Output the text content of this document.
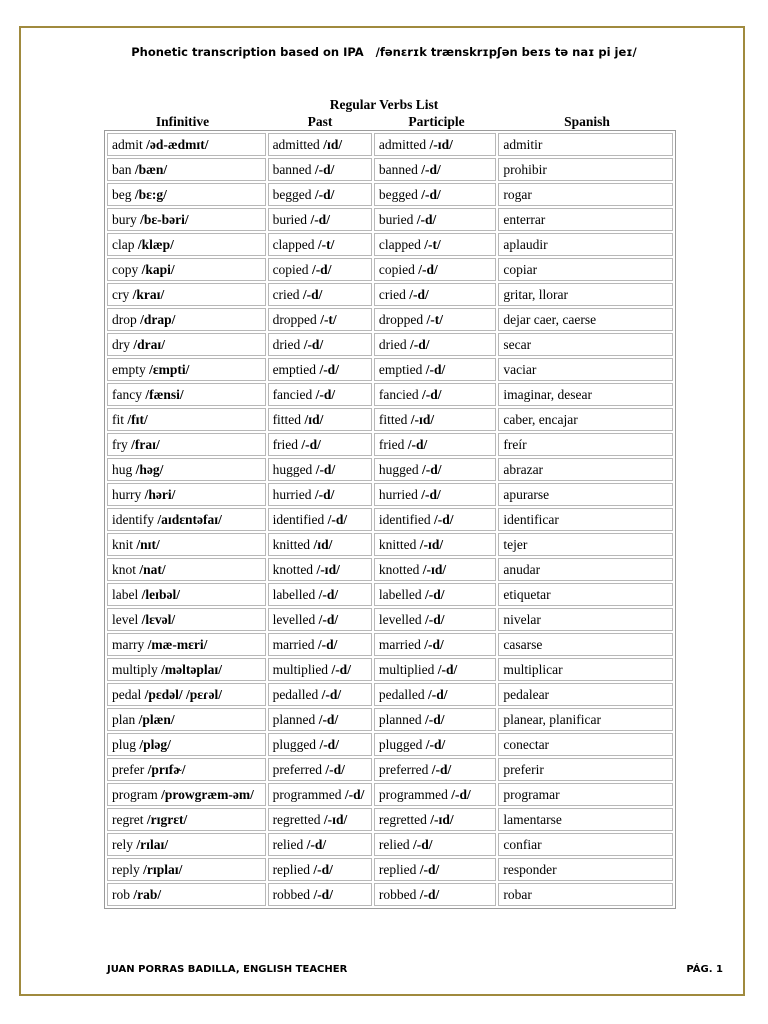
Phonetic transcription based on IPA   /fənɛrɪk trænskrɪpʃən beɪs tə naɪ pi jeɪ/
Regular Verbs List
Infinitive	Past	Participle	Spanish
admit /əd-ædmɪt/	admitted /ɪd/	admitted /-ɪd/	admitir
ban /bæn/	banned /-d/	banned /-d/	prohibir
beg /bɛ:g/	begged /-d/	begged /-d/	rogar
bury /bɛ-bəri/	buried /-d/	buried /-d/	enterrar
clap /klæp/	clapped /-t/	clapped /-t/	aplaudir
copy /kapi/	copied /-d/	copied /-d/	copiar
cry /kraɪ/	cried /-d/	cried /-d/	gritar, llorar
drop /drap/	dropped /-t/	dropped /-t/	dejar caer, caerse
dry /draɪ/	dried /-d/	dried /-d/	secar
empty /ɛmpti/	emptied /-d/	emptied /-d/	vaciar
fancy /fænsi/	fancied /-d/	fancied /-d/	imaginar, desear
fit /fɪt/	fitted /ɪd/	fitted /-ɪd/	caber, encajar
fry /fraɪ/	fried /-d/	fried /-d/	freír
hug /həg/	hugged /-d/	hugged /-d/	abrazar
hurry /həri/	hurried /-d/	hurried /-d/	apurarse
identify /aɪdɛntəfaɪ/	identified /-d/	identified /-d/	identificar
knit /nɪt/	knitted /ɪd/	knitted /-ɪd/	tejer
knot /nat/	knotted /-ɪd/	knotted /-ɪd/	anudar
label /leɪbəl/	labelled /-d/	labelled /-d/	etiquetar
level /lɛvəl/	levelled /-d/	levelled /-d/	nivelar
marry /mæ-mɛri/	married /-d/	married /-d/	casarse
multiply /məltəplaɪ/	multiplied /-d/	multiplied /-d/	multiplicar
pedal /pɛdəl/ /pɛɾəl/	pedalled /-d/	pedalled /-d/	pedalear
plan /plæn/	planned /-d/	planned /-d/	planear, planificar
plug /pləg/	plugged /-d/	plugged /-d/	conectar
prefer /prɪfɚ/	preferred /-d/	preferred /-d/	preferir
program /prowgræm-əm/	programmed /-d/	programmed /-d/	programar
regret /rɪgrɛt/	regretted /-ɪd/	regretted /-ɪd/	lamentarse
rely /rɪlaɪ/	relied /-d/	relied /-d/	confiar
reply /rɪplaɪ/	replied /-d/	replied /-d/	responder
rob /rab/	robbed /-d/	robbed /-d/	robar
JUAN PORRAS BADILLA, ENGLISH TEACHER	PÁG. 1
